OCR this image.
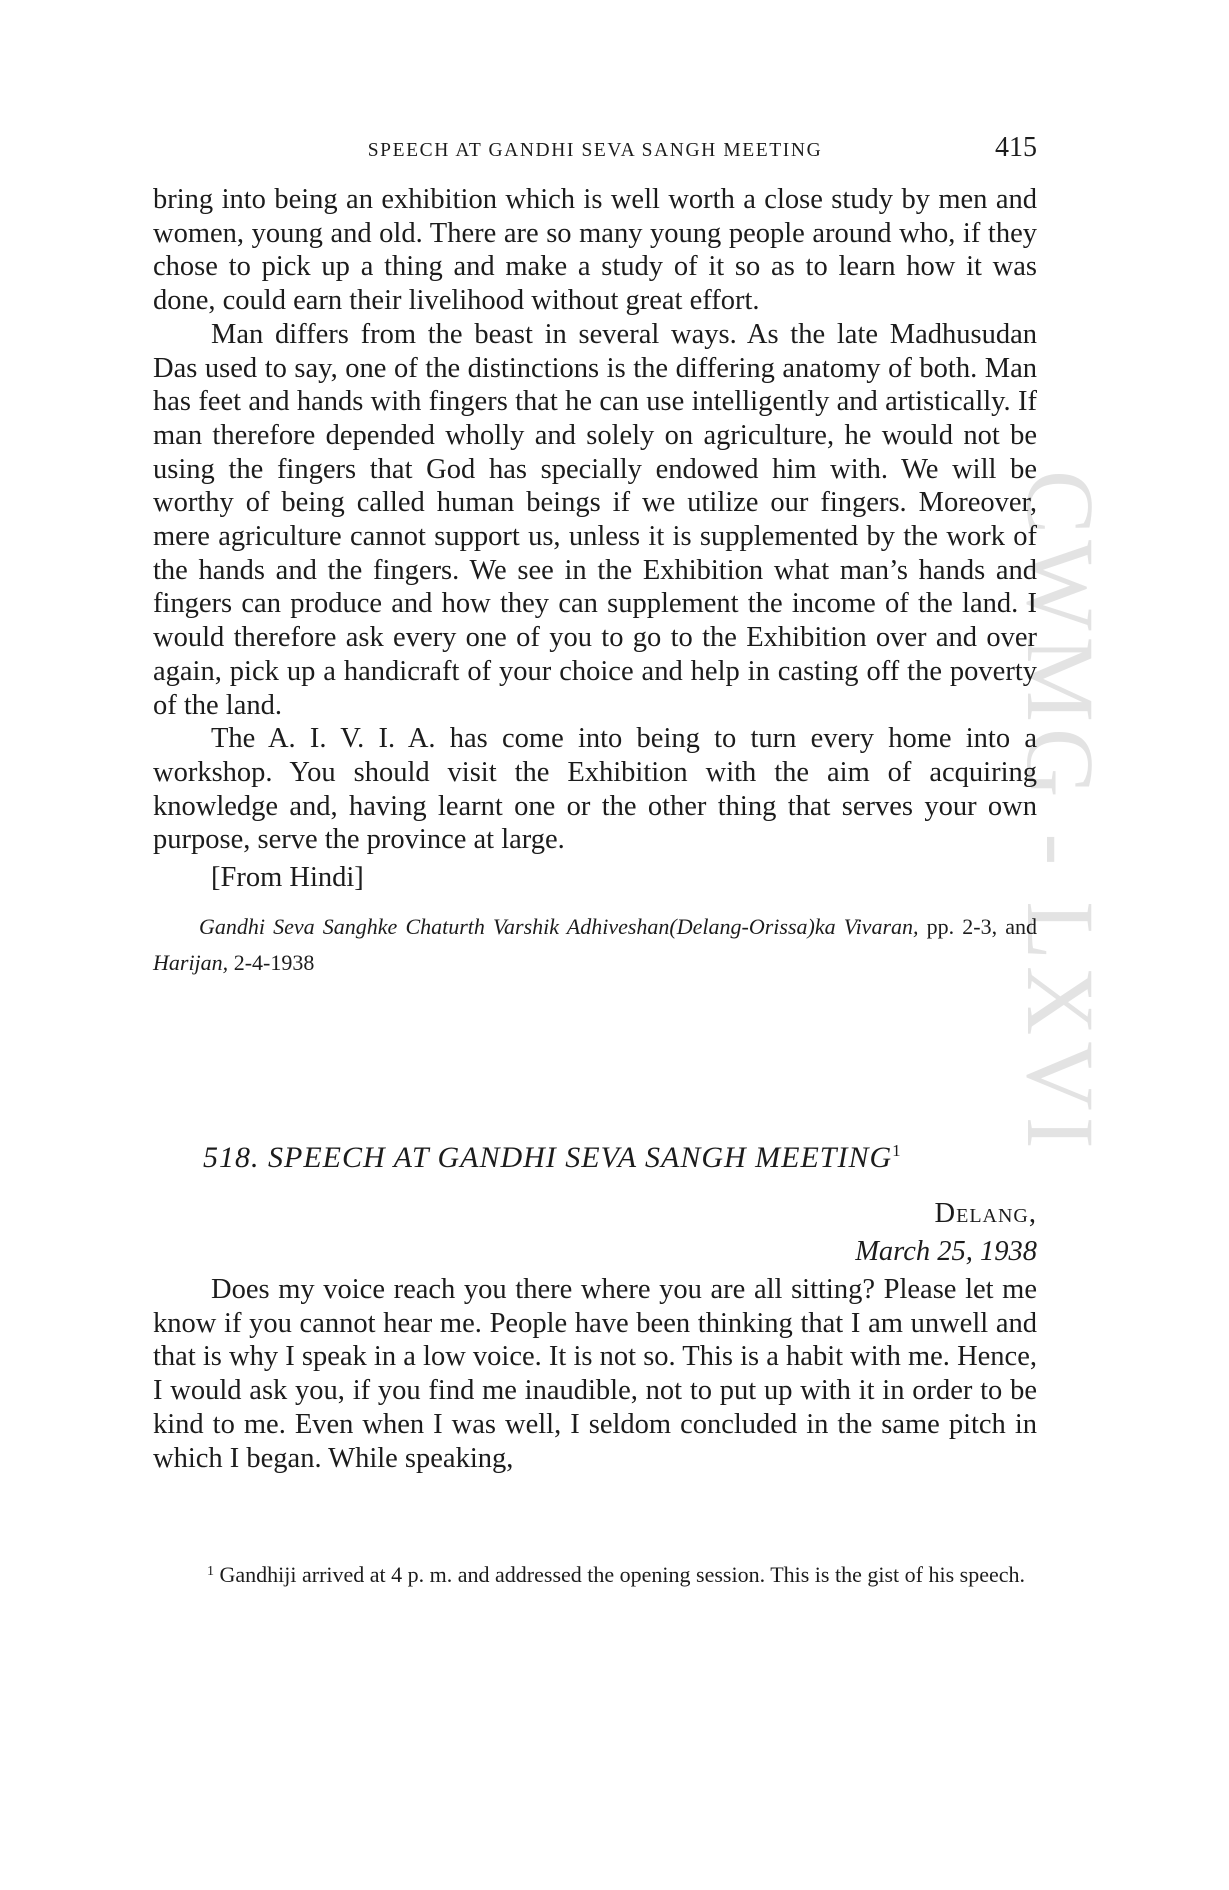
CWMG - LXVI
SPEECH AT GANDHI SEVA SANGH MEETING	415

bring into being an exhibition which is well worth a close study by men and women, young and old. There are so many young people around who, if they chose to pick up a thing and make a study of it so as to learn how it was done, could earn their livelihood without great effort.

Man differs from the beast in several ways. As the late Madhusudan Das used to say, one of the distinctions is the differing anatomy of both. Man has feet and hands with fingers that he can use intelligently and artistically. If man therefore depended wholly and solely on agriculture, he would not be using the fingers that God has specially endowed him with. We will be worthy of being called human beings if we utilize our fingers. Moreover, mere agriculture cannot support us, unless it is supplemented by the work of the hands and the fingers. We see in the Exhibition what man’s hands and fingers can produce and how they can supplement the income of the land. I would therefore ask every one of you to go to the Exhibition over and over again, pick up a handicraft of your choice and help in casting off the poverty of the land.

The A. I. V. I. A. has come into being to turn every home into a workshop. You should visit the Exhibition with the aim of acquiring knowledge and, having learnt one or the other thing that serves your own purpose, serve the province at large.

[From Hindi]

Gandhi Seva Sanghke Chaturth Varshik Adhiveshan(Delang-Orissa)ka Vivaran, pp. 2-3, and Harijan, 2-4-1938

518. SPEECH AT GANDHI SEVA SANGH MEETING$^1$
Delang,
March 25, 1938

Does my voice reach you there where you are all sitting? Please let me know if you cannot hear me. People have been thinking that I am unwell and that is why I speak in a low voice. It is not so. This is a habit with me. Hence, I would ask you, if you find me inaudible, not to put up with it in order to be kind to me. Even when I was well, I seldom concluded in the same pitch in which I began. While speaking,

$^1$ Gandhiji arrived at 4 p. m. and addressed the opening session. This is the gist of his speech.
